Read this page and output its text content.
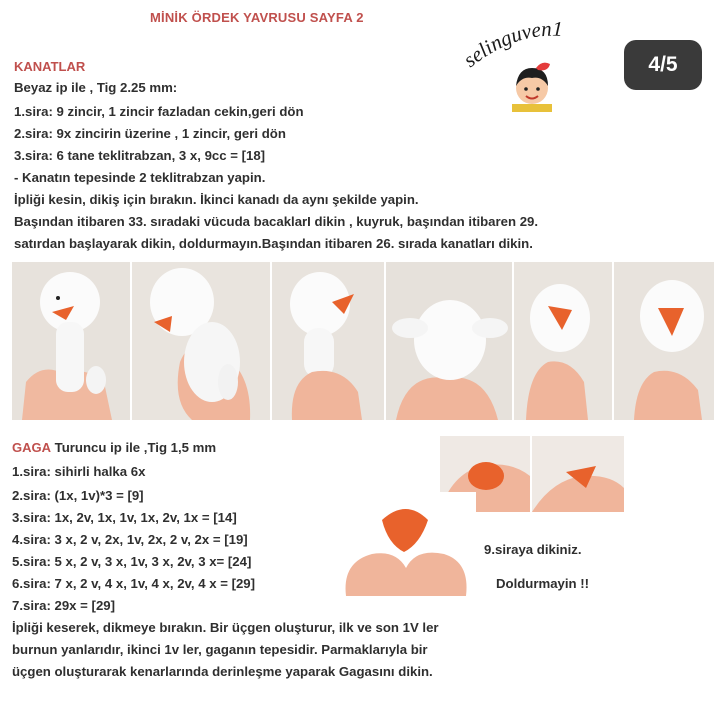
MİNİK ÖRDEK YAVRUSU SAYFA 2
elinguven1
4/5
KANATLAR
Beyaz ip ile , Tig 2.25 mm:
1.sira: 9 zincir, 1 zincir fazladan cekin,geri dön
2.sira: 9x zincirin üzerine , 1 zincir, geri dön
3.sira: 6 tane teklitrabzan, 3 x, 9cc = [18]
- Kanatın tepesinde 2 teklitrabzan yapin.
İpliği kesin, dikiş için bırakın. İkinci kanadı da aynı şekilde yapin.
Başından itibaren 33. sıradaki vücuda bacaklarI dikin , kuyruk, başından itibaren 29.
satırdan başlayarak dikin, doldurmayın.Başından itibaren 26. sırada kanatları dikin.
GAGA Turuncu ip ile ,Tig 1,5 mm
1.sira: sihirli halka 6x
2.sira: (1x, 1v)*3 = [9]
3.sira: 1x, 2v, 1x, 1v, 1x, 2v, 1x = [14]
4.sira: 3 x, 2 v, 2x, 1v, 2x, 2 v, 2x = [19]
5.sira: 5 x, 2 v, 3 x, 1v, 3 x, 2v, 3 x= [24]
6.sira: 7 x, 2 v, 4 x, 1v, 4 x, 2v, 4 x = [29]
7.sira: 29x = [29]
9.siraya dikiniz.
Doldurmayin !!
İpliği keserek, dikmeye bırakın. Bir üçgen oluşturur, ilk ve son 1V ler
burnun yanlarıdır, ikinci 1v ler, gaganın tepesidir. Parmaklarıyla bir
üçgen oluşturarak kenarlarında derinleşme yaparak Gagasını dikin.
